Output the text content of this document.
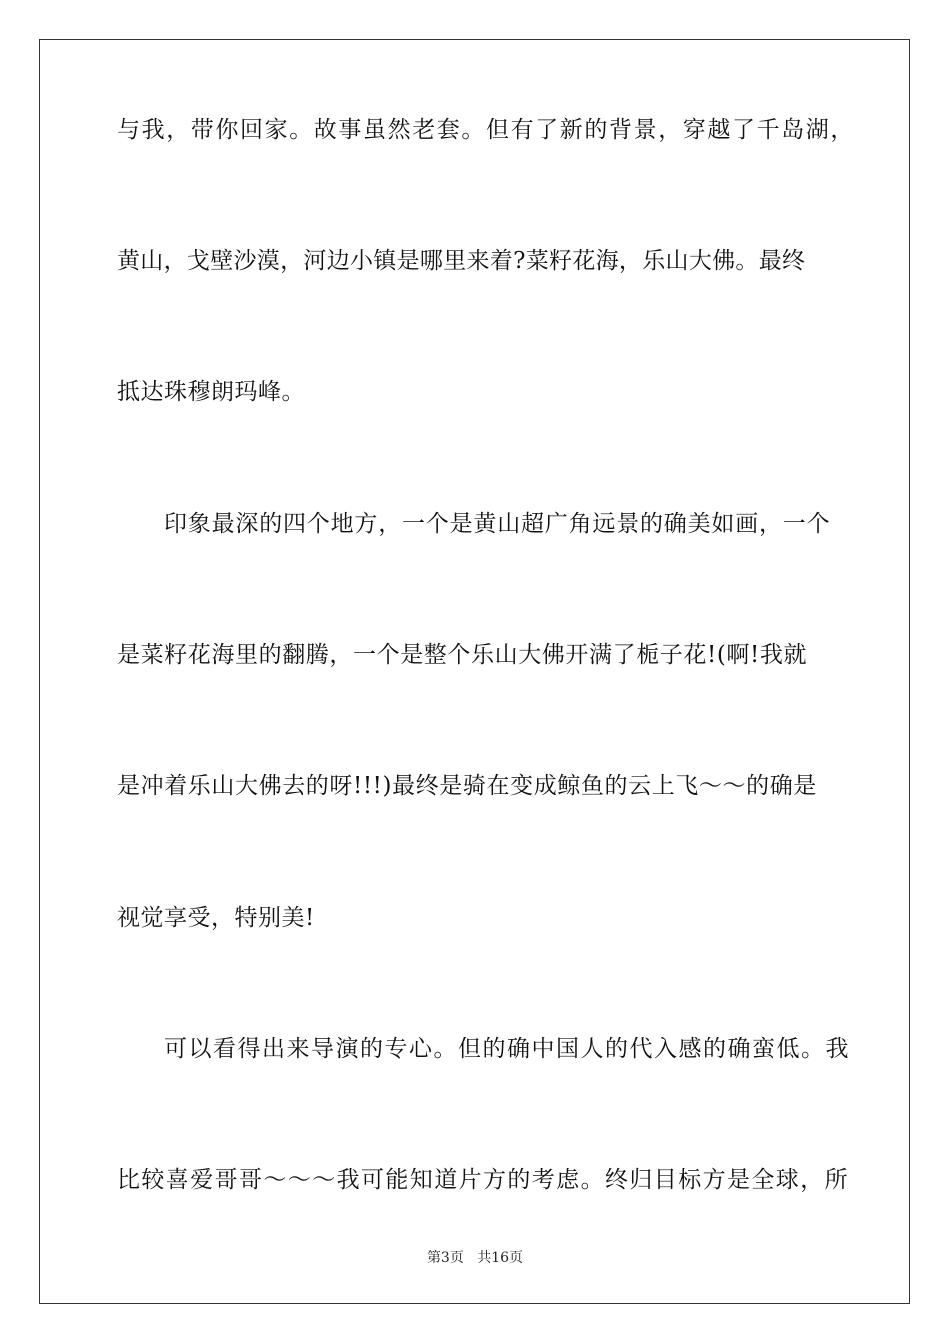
与我，带你回家。故事虽然老套。但有了新的背景，穿越了千岛湖，
黄山，戈壁沙漠，河边小镇是哪里来着?菜籽花海，乐山大佛。最终
抵达珠穆朗玛峰。
印象最深的四个地方，一个是黄山超广角远景的确美如画，一个
是菜籽花海里的翻腾，一个是整个乐山大佛开满了栀子花!(啊!我就
是冲着乐山大佛去的呀!!!)最终是骑在变成鲸鱼的云上飞～～的确是
视觉享受，特别美!
可以看得出来导演的专心。但的确中国人的代入感的确蛮低。我
比较喜爱哥哥～～～我可能知道片方的考虑。终归目标方是全球，所
第3页 共16页
